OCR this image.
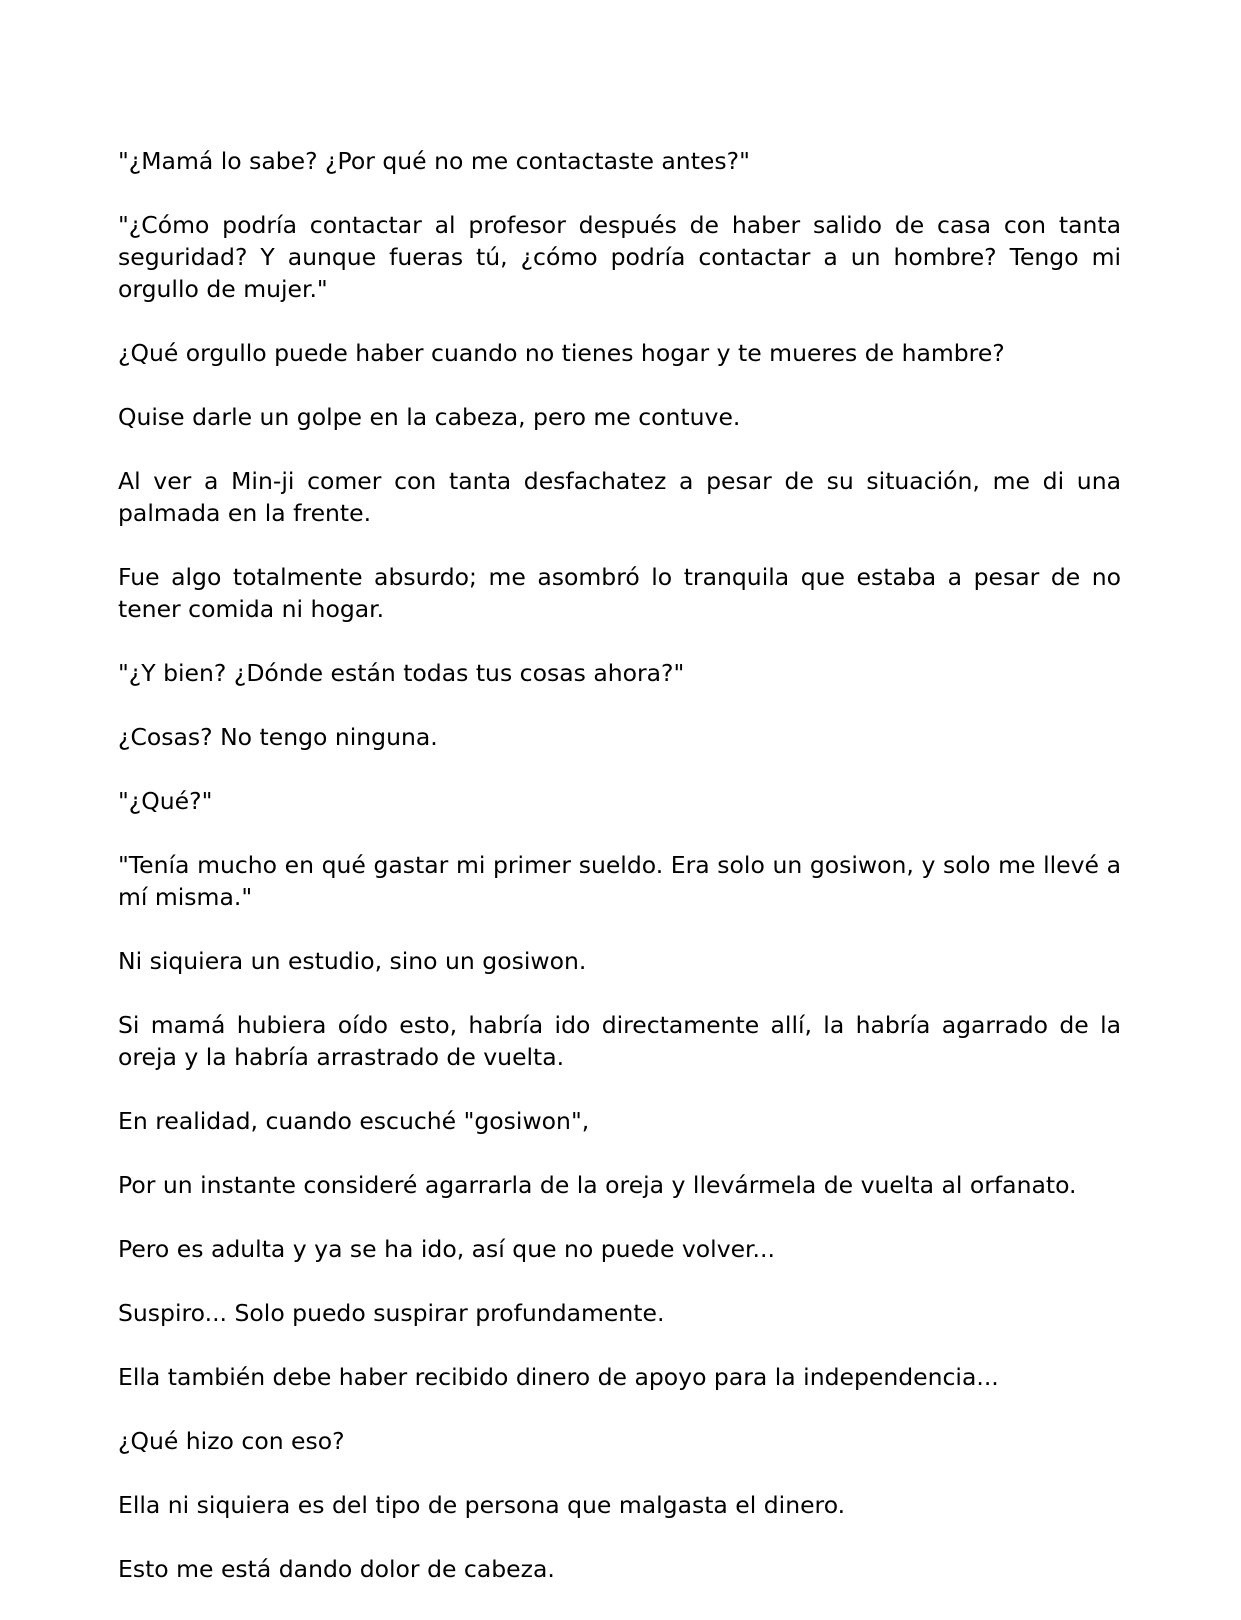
"¿Mamá lo sabe? ¿Por qué no me contactaste antes?"

"¿Cómo podría contactar al profesor después de haber salido de casa con tanta seguridad? Y aunque fueras tú, ¿cómo podría contactar a un hombre? Tengo mi orgullo de mujer."

¿Qué orgullo puede haber cuando no tienes hogar y te mueres de hambre?

Quise darle un golpe en la cabeza, pero me contuve.

Al ver a Min-ji comer con tanta desfachatez a pesar de su situación, me di una palmada en la frente.

Fue algo totalmente absurdo; me asombró lo tranquila que estaba a pesar de no tener comida ni hogar.

"¿Y bien? ¿Dónde están todas tus cosas ahora?"

¿Cosas? No tengo ninguna.

"¿Qué?"

"Tenía mucho en qué gastar mi primer sueldo. Era solo un gosiwon, y solo me llevé a mí misma."

Ni siquiera un estudio, sino un gosiwon.

Si mamá hubiera oído esto, habría ido directamente allí, la habría agarrado de la oreja y la habría arrastrado de vuelta.

En realidad, cuando escuché "gosiwon",

Por un instante consideré agarrarla de la oreja y llevármela de vuelta al orfanato.

Pero es adulta y ya se ha ido, así que no puede volver...

Suspiro... Solo puedo suspirar profundamente.

Ella también debe haber recibido dinero de apoyo para la independencia...

¿Qué hizo con eso?

Ella ni siquiera es del tipo de persona que malgasta el dinero.

Esto me está dando dolor de cabeza.
